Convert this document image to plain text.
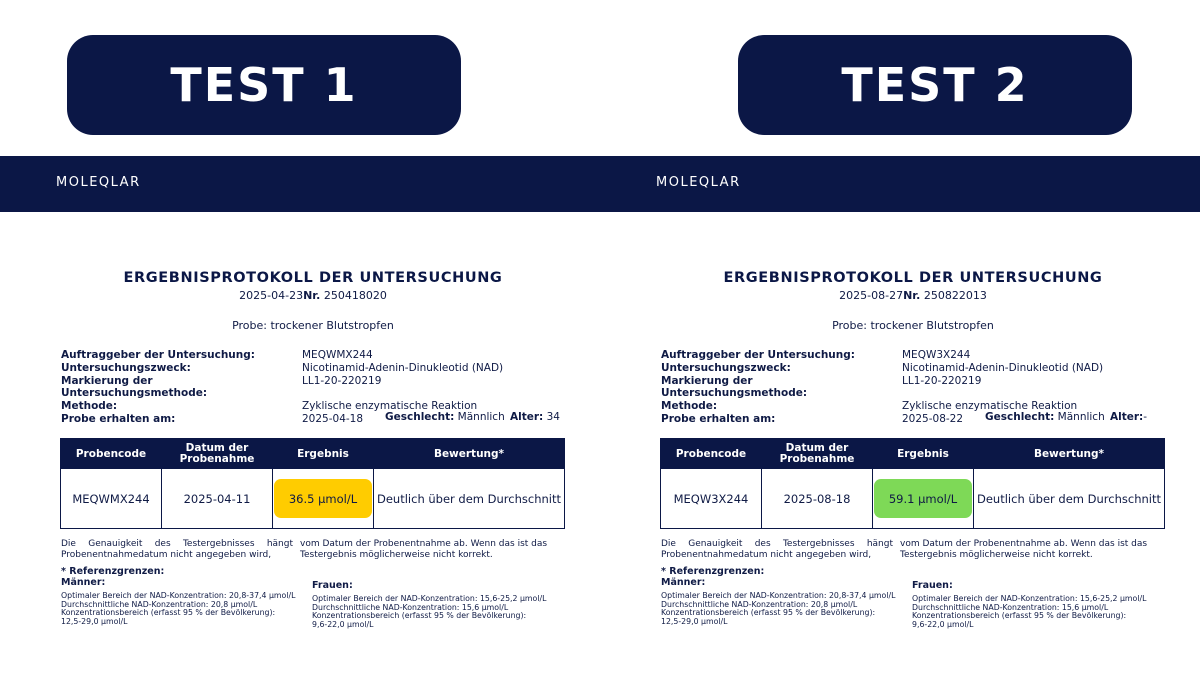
TEST 1	TEST 2
MOLEQLAR	MOLEQLAR
ERGEBNISPROTOKOLL DER UNTERSUCHUNG
2025-04-23Nr. 250418020
Probe: trockener Blutstropfen
Auftraggeber der Untersuchung:	MEQWMX244
Untersuchungszweck:	Nicotinamid-Adenin-Dinukleotid (NAD)
Markierung der Untersuchungsmethode:
LL1-20-220219
Methode:	Zyklische enzymatische Reaktion
Probe erhalten am:	2025-04-18 Geschlecht: Männlich Alter: 34
Probencode	Datum der Probenahme	Ergebnis	Bewertung*
MEQWMX244	2025-04-11	36.5 µmol/L	Deutlich über dem Durchschnitt
Die Genauigkeit des Testergebnisses hängt Probenentnahmedatum nicht angegeben wird,
vom Datum der Probenentnahme ab. Wenn das ist das Testergebnis möglicherweise nicht korrekt.
* Referenzgrenzen:
Männer:
Optimaler Bereich der NAD-Konzentration: 20,8-37,4 µmol/L
Durchschnittliche NAD-Konzentration: 20,8 µmol/L
Konzentrationsbereich (erfasst 95 % der Bevölkerung):
12,5-29,0 µmol/L
Frauen:
Optimaler Bereich der NAD-Konzentration: 15,6-25,2 µmol/L
Durchschnittliche NAD-Konzentration: 15,6 µmol/L
Konzentrationsbereich (erfasst 95 % der Bevölkerung):
9,6-22,0 µmol/L
ERGEBNISPROTOKOLL DER UNTERSUCHUNG
2025-08-27Nr. 250822013
Probe: trockener Blutstropfen
Auftraggeber der Untersuchung:	MEQW3X244
Untersuchungszweck:	Nicotinamid-Adenin-Dinukleotid (NAD)
Markierung der Untersuchungsmethode:
LL1-20-220219
Methode:	Zyklische enzymatische Reaktion
Probe erhalten am:	2025-08-22 Geschlecht: Männlich Alter:-
Probencode	Datum der Probenahme	Ergebnis	Bewertung*
MEQW3X244	2025-08-18	59.1 µmol/L	Deutlich über dem Durchschnitt
Die Genauigkeit des Testergebnisses hängt Probenentnahmedatum nicht angegeben wird,
vom Datum der Probenentnahme ab. Wenn das ist das Testergebnis möglicherweise nicht korrekt.
* Referenzgrenzen:
Männer:
Optimaler Bereich der NAD-Konzentration: 20,8-37,4 µmol/L
Durchschnittliche NAD-Konzentration: 20,8 µmol/L
Konzentrationsbereich (erfasst 95 % der Bevölkerung):
12,5-29,0 µmol/L
Frauen:
Optimaler Bereich der NAD-Konzentration: 15,6-25,2 µmol/L
Durchschnittliche NAD-Konzentration: 15,6 µmol/L
Konzentrationsbereich (erfasst 95 % der Bevölkerung):
9,6-22,0 µmol/L
